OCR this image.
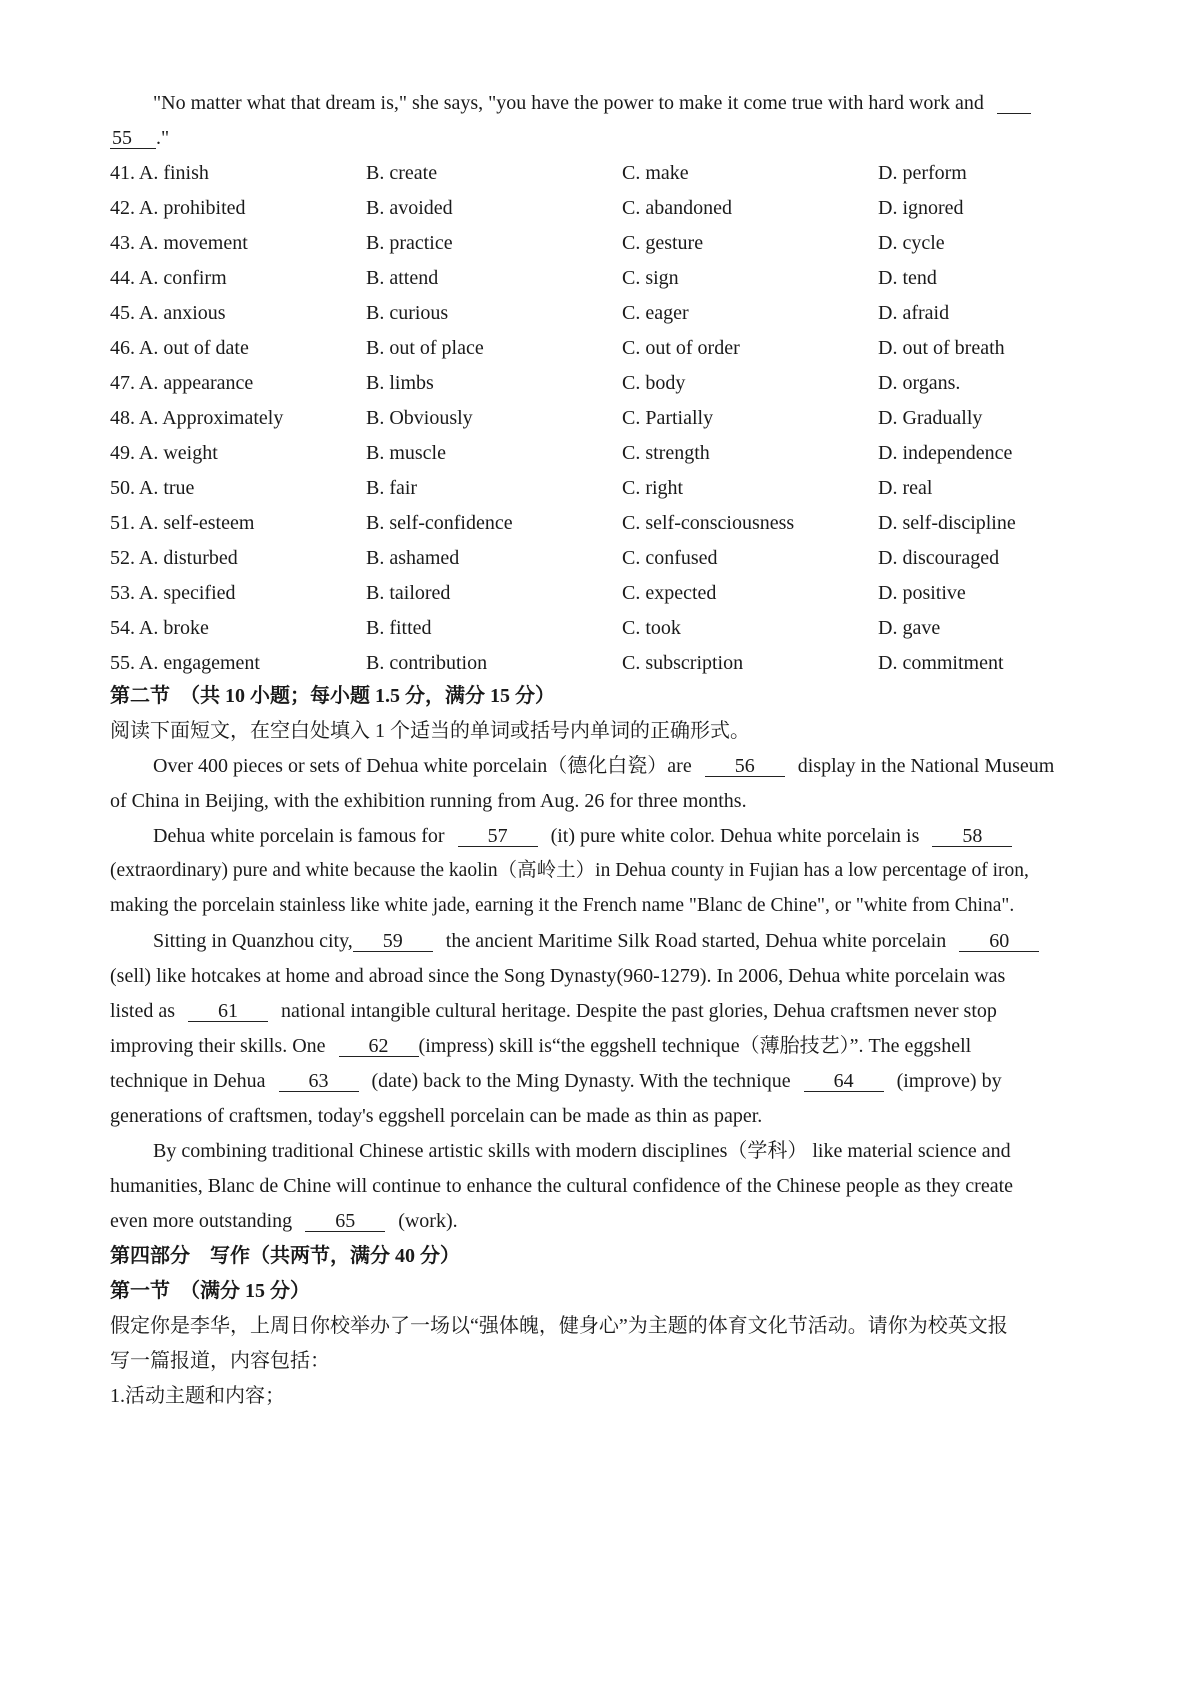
"No matter what that dream is," she says, "you have the power to make it come true with hard work and
55 ."
41. A. finish	B. create	C. make	D. perform
42. A. prohibited	B. avoided	C. abandoned	D. ignored
43. A. movement	B. practice	C. gesture	D. cycle
44. A. confirm	B. attend	C. sign	D. tend
45. A. anxious	B. curious	C. eager	D. afraid
46. A. out of date	B. out of place	C. out of order	D. out of breath
47. A. appearance	B. limbs	C. body	D. organs.
48. A. Approximately	B. Obviously	C. Partially	D. Gradually
49. A. weight	B. muscle	C. strength	D. independence
50. A. true	B. fair	C. right	D. real
51. A. self-esteem	B. self-confidence	C. self-consciousness	D. self-discipline
52. A. disturbed	B. ashamed	C. confused	D. discouraged
53. A. specified	B. tailored	C. expected	D. positive
54. A. broke	B. fitted	C. took	D. gave
55. A. engagement	B. contribution	C. subscription	D. commitment
第二节　（共 10 小题；每小题 1.5 分，满分 15 分）
阅读下面短文，在空白处填入 1 个适当的单词或括号内单词的正确形式。
Over 400 pieces or sets of Dehua white porcelain（德化白瓷）are 56 display in the National Museum
of China in Beijing, with the exhibition running from Aug. 26 for three months.
Dehua white porcelain is famous for 57 (it) pure white color. Dehua white porcelain is 58
(extraordinary) pure and white because the kaolin（高岭土）in Dehua county in Fujian has a low percentage of iron,
making the porcelain stainless like white jade, earning it the French name "Blanc de Chine", or "white from China".
Sitting in Quanzhou city, 59 the ancient Maritime Silk Road started, Dehua white porcelain 60
(sell) like hotcakes at home and abroad since the Song Dynasty(960-1279). In 2006, Dehua white porcelain was
listed as 61 national intangible cultural heritage. Despite the past glories, Dehua craftsmen never stop
improving their skills. One 62 (impress) skill is“the eggshell technique（薄胎技艺）”. The eggshell
technique in Dehua 63 (date) back to the Ming Dynasty. With the technique 64 (improve) by
generations of craftsmen, today's eggshell porcelain can be made as thin as paper.
By combining traditional Chinese artistic skills with modern disciplines（学科） like material science and
humanities, Blanc de Chine will continue to enhance the cultural confidence of the Chinese people as they create
even more outstanding 65 (work).
第四部分　写作（共两节，满分 40 分）
第一节　（满分 15 分）
假定你是李华，上周日你校举办了一场以“强体魄，健身心”为主题的体育文化节活动。请你为校英文报
写一篇报道，内容包括：
1.活动主题和内容；
